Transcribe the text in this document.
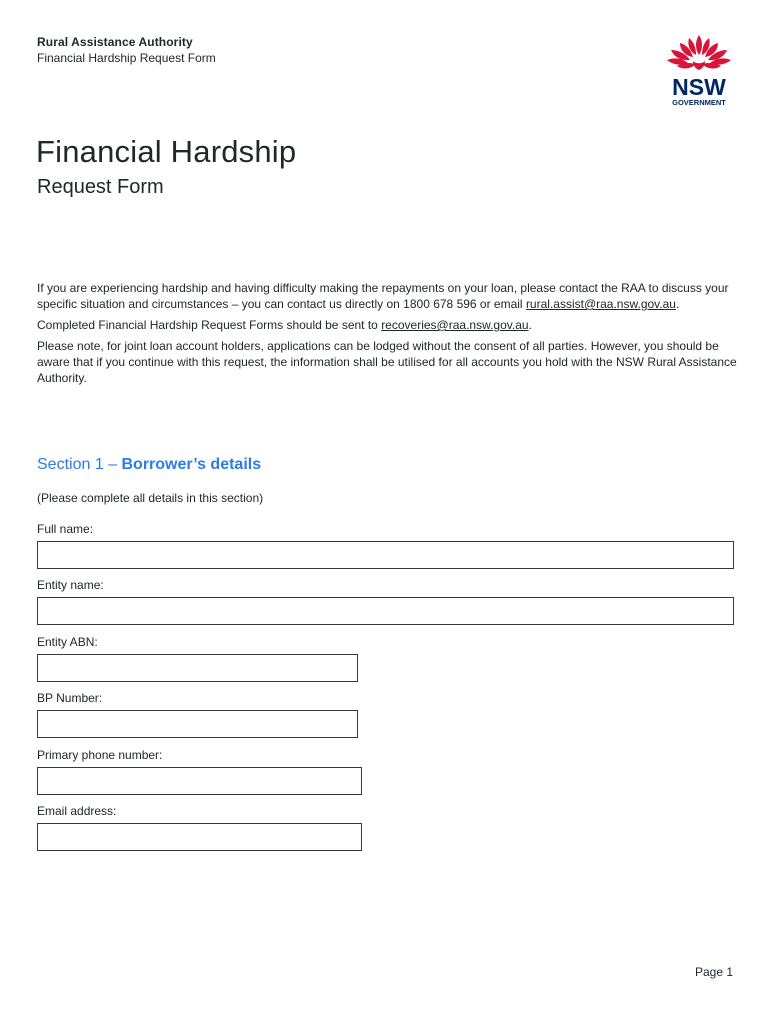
Rural Assistance Authority
Financial Hardship Request Form
NSW
GOVERNMENT
Financial Hardship
Request Form

If you are experiencing hardship and having difficulty making the repayments on your loan, please contact the RAA to discuss your specific situation and circumstances – you can contact us directly on 1800 678 596 or email rural.assist@raa.nsw.gov.au.

Completed Financial Hardship Request Forms should be sent to recoveries@raa.nsw.gov.au.

Please note, for joint loan account holders, applications can be lodged without the consent of all parties. However, you should be aware that if you continue with this request, the information shall be utilised for all accounts you hold with the NSW Rural Assistance Authority.

Section 1 – Borrower’s details
(Please complete all details in this section)
Full name:
Entity name:
Entity ABN:
BP Number:
Primary phone number:
Email address:
Page 1
